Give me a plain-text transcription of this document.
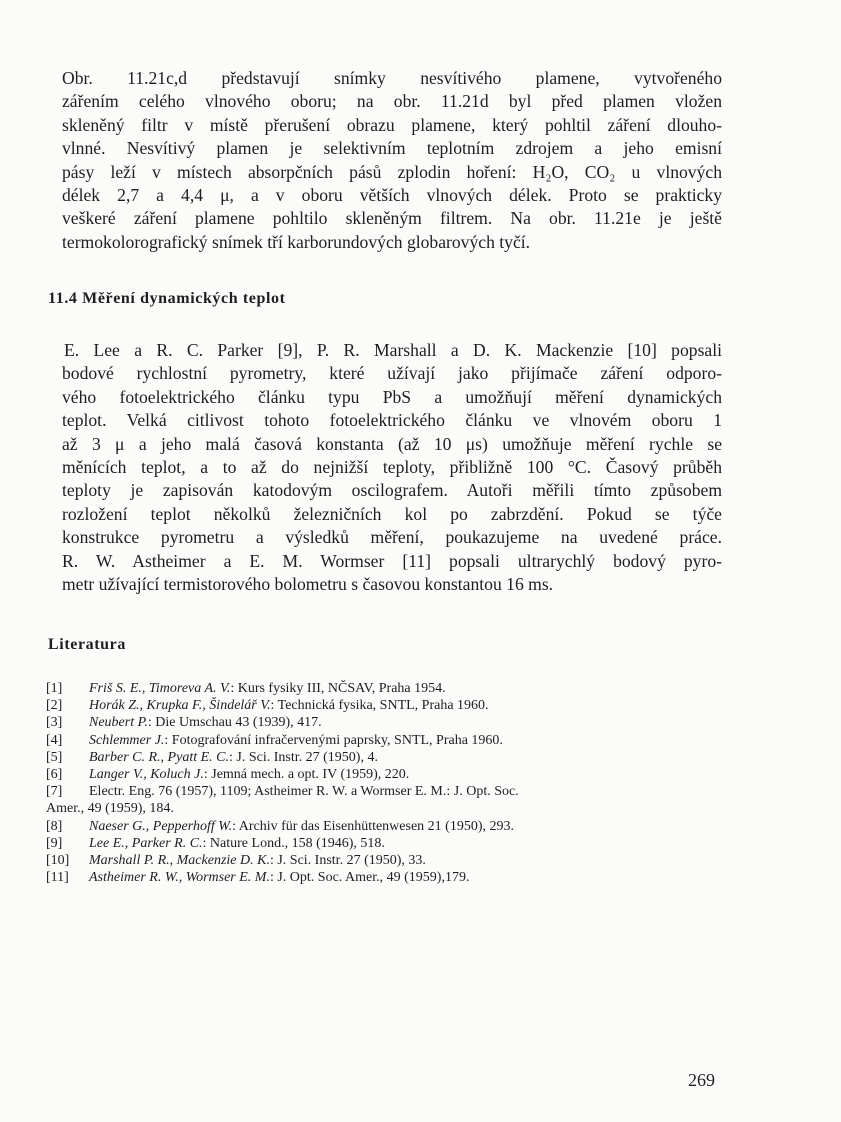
Obr. 11.21c,d představují snímky nesvítivého plamene, vytvořeného
zářením celého vlnového oboru; na obr. 11.21d byl před plamen vložen
skleněný filtr v místě přerušení obrazu plamene, který pohltil záření dlouho-
vlnné. Nesvítivý plamen je selektivním teplotním zdrojem a jeho emisní
pásy leží v místech absorpčních pásů zplodin hoření: H₂O, CO₂ u vlnových
délek 2,7 a 4,4 μ, a v oboru větších vlnových délek. Proto se prakticky
veškeré záření plamene pohltilo skleněným filtrem. Na obr. 11.21e je ještě
termokolorografický snímek tří karborundových globarových tyčí.
11.4 Měření dynamických teplot
E. Lee a R. C. Parker [9], P. R. Marshall a D. K. Mackenzie [10] popsali
bodové rychlostní pyrometry, které užívají jako přijímače záření odporo-
vého fotoelektrického článku typu PbS a umožňují měření dynamických
teplot. Velká citlivost tohoto fotoelektrického článku ve vlnovém oboru 1
až 3 μ a jeho malá časová konstanta (až 10 μs) umožňuje měření rychle se
měnících teplot, a to až do nejnižší teploty, přibližně 100 °C. Časový průběh
teploty je zapisován katodovým oscilografem. Autoři měřili tímto způsobem
rozložení teplot několků železničních kol po zabrzdění. Pokud se týče
konstrukce pyrometru a výsledků měření, poukazujeme na uvedené práce.
R. W. Astheimer a E. M. Wormser [11] popsali ultrarychlý bodový pyro-
metr užívající termistorového bolometru s časovou konstantou 16 ms.
Literatura
[1]	Friš S. E., Timoreva A. V.: Kurs fysiky III, NČSAV, Praha 1954.
[2]	Horák Z., Krupka F., Šindelář V.: Technická fysika, SNTL, Praha 1960.
[3]	Neubert P.: Die Umschau 43 (1939), 417.
[4]	Schlemmer J.: Fotografování infračervenými paprsky, SNTL, Praha 1960.
[5]	Barber C. R., Pyatt E. C.: J. Sci. Instr. 27 (1950), 4.
[6]	Langer V., Koluch J.: Jemná mech. a opt. IV (1959), 220.
[7]	Electr. Eng. 76 (1957), 1109; Astheimer R. W. a Wormser E. M.: J. Opt. Soc.
Amer., 49 (1959), 184.
[8]	Naeser G., Pepperhoff W.: Archiv für das Eisenhüttenwesen 21 (1950), 293.
[9]	Lee E., Parker R. C.: Nature Lond., 158 (1946), 518.
[10]	Marshall P. R., Mackenzie D. K.: J. Sci. Instr. 27 (1950), 33.
[11]	Astheimer R. W., Wormser E. M.: J. Opt. Soc. Amer., 49 (1959),179.
269
